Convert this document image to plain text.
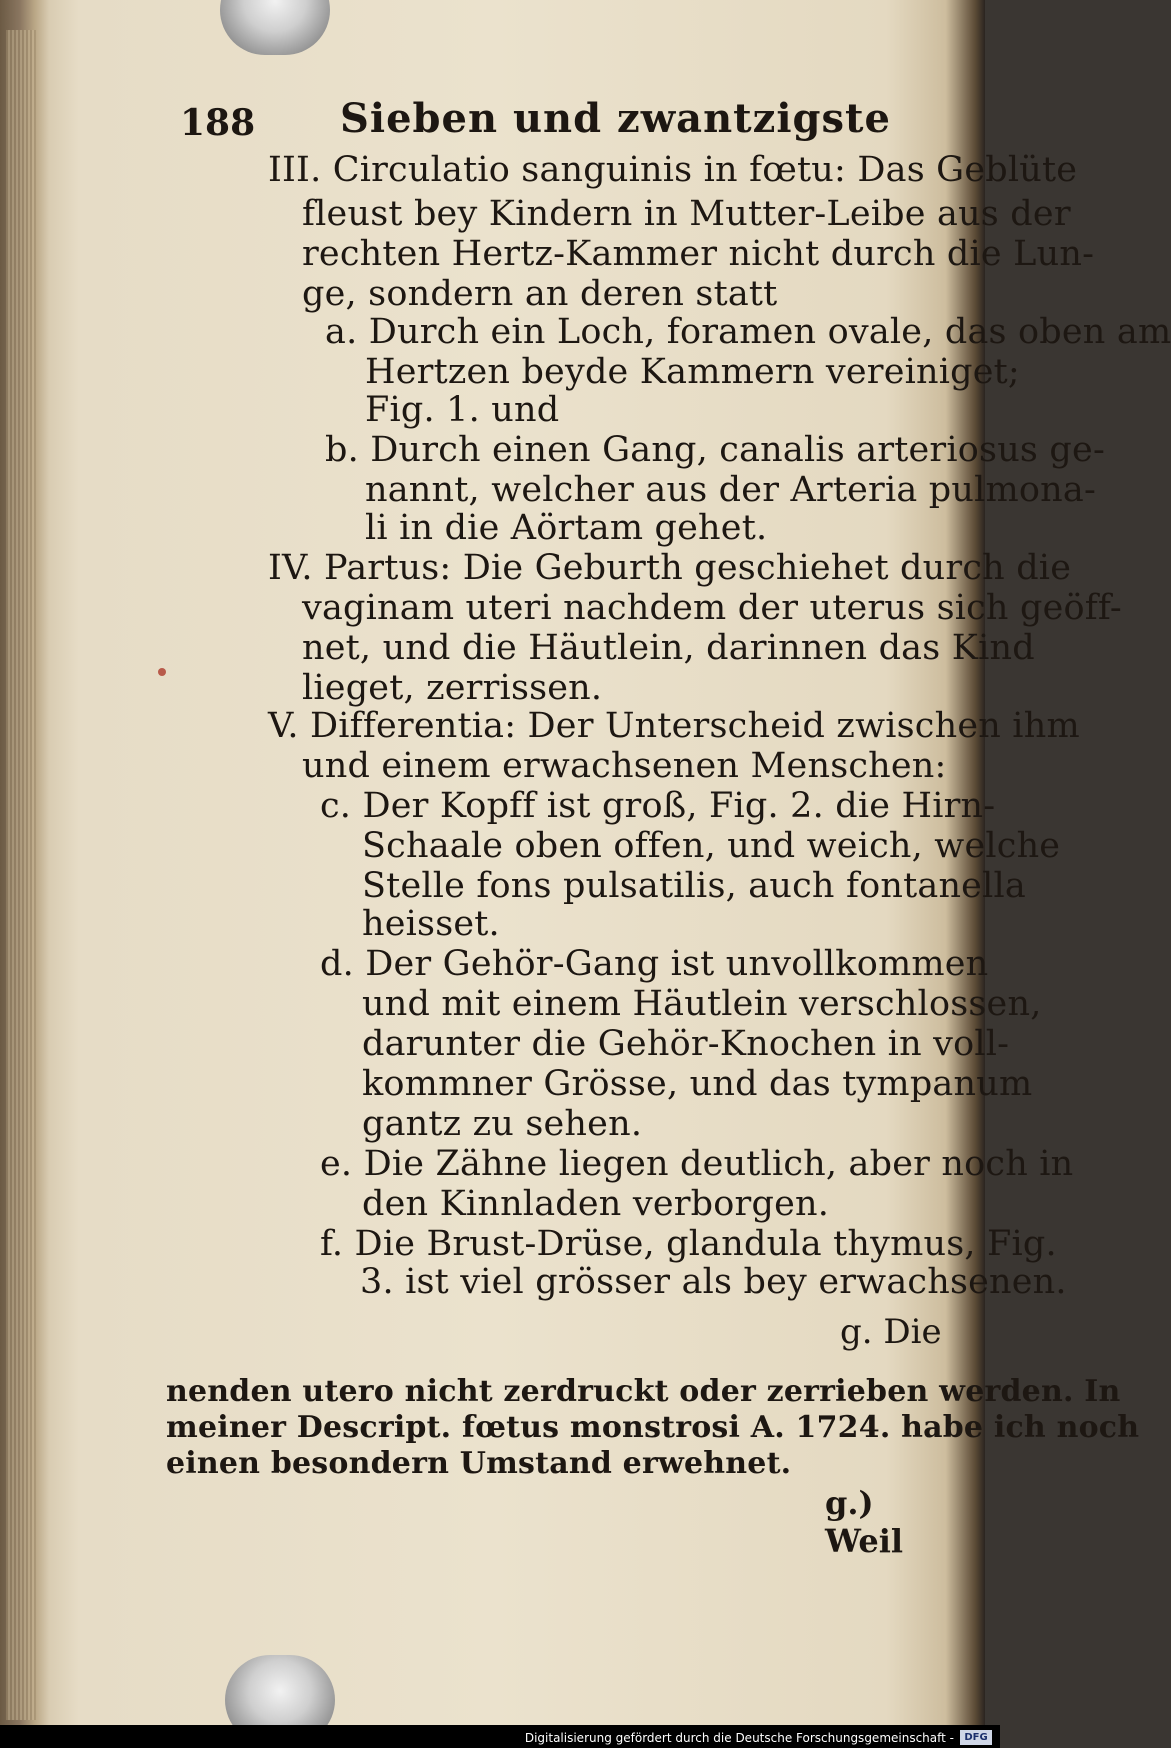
188 Sieben und zwantzigste
III. Circulatio sanguinis in fœtu: Das Geblüte
fleust bey Kindern in Mutter-Leibe aus der
rechten Hertz-Kammer nicht durch die Lun-
ge, sondern an deren statt
a. Durch ein Loch, foramen ovale, das oben am
Hertzen beyde Kammern vereiniget;
Fig. 1. und
b. Durch einen Gang, canalis arteriosus ge-
nannt, welcher aus der Arteria pulmona-
li in die Aörtam gehet.
IV. Partus: Die Geburth geschiehet durch die
vaginam uteri nachdem der uterus sich geöff-
net, und die Häutlein, darinnen das Kind
lieget, zerrissen.
V. Differentia: Der Unterscheid zwischen ihm
und einem erwachsenen Menschen:
c. Der Kopff ist groß, Fig. 2. die Hirn-
Schaale oben offen, und weich, welche
Stelle fons pulsatilis, auch fontanella
heisset.
d. Der Gehör-Gang ist unvollkommen
und mit einem Häutlein verschlossen,
darunter die Gehör-Knochen in voll-
kommner Grösse, und das tympanum
gantz zu sehen.
e. Die Zähne liegen deutlich, aber noch in
den Kinnladen verborgen.
f. Die Brust-Drüse, glandula thymus, Fig.
3. ist viel grösser als bey erwachsenen.
g. Die
nenden utero nicht zerdruckt oder zerrieben werden. In
meiner Descript. fœtus monstrosi A. 1724. habe ich noch
einen besondern Umstand erwehnet.
g.) Weil
Digitalisierung gefördert durch die Deutsche Forschungsgemeinschaft -	DFG
